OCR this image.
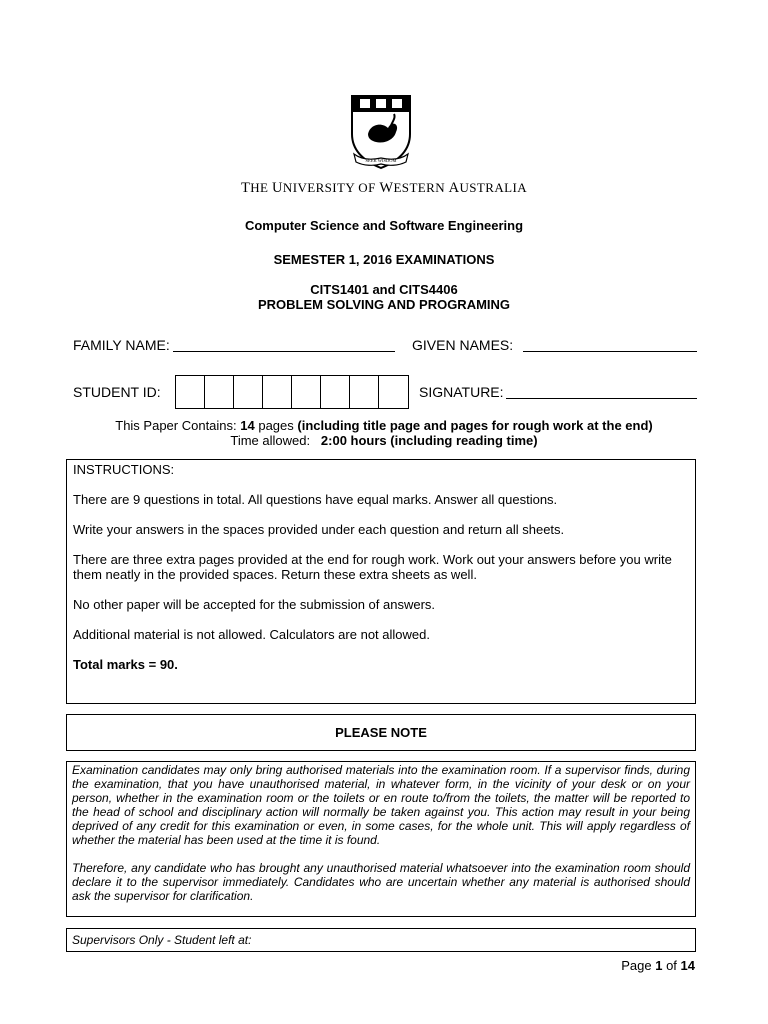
SEEK WISDOM
THE UNIVERSITY OF WESTERN AUSTRALIA
Computer Science and Software Engineering
SEMESTER 1, 2016 EXAMINATIONS
CITS1401 and CITS4406
PROBLEM SOLVING AND PROGRAMING
FAMILY NAME:	GIVEN NAMES:
STUDENT ID:	SIGNATURE:
This Paper Contains: 14 pages (including title page and pages for rough work at the end)
Time allowed:   2:00 hours (including reading time)

INSTRUCTIONS:

There are 9 questions in total. All questions have equal marks. Answer all questions.

Write your answers in the spaces provided under each question and return all sheets.

There are three extra pages provided at the end for rough work. Work out your answers before you write them neatly in the provided spaces. Return these extra sheets as well.

No other paper will be accepted for the submission of answers.

Additional material is not allowed. Calculators are not allowed.

Total marks = 90.

PLEASE NOTE

Examination candidates may only bring authorised materials into the examination room. If a supervisor finds, during the examination, that you have unauthorised material, in whatever form, in the vicinity of your desk or on your person, whether in the examination room or the toilets or en route to/from the toilets, the matter will be reported to the head of school and disciplinary action will normally be taken against you. This action may result in your being deprived of any credit for this examination or even, in some cases, for the whole unit. This will apply regardless of whether the material has been used at the time it is found.

Therefore, any candidate who has brought any unauthorised material whatsoever into the examination room should declare it to the supervisor immediately. Candidates who are uncertain whether any material is authorised should ask the supervisor for clarification.

Supervisors Only - Student left at:
Page 1 of 14
